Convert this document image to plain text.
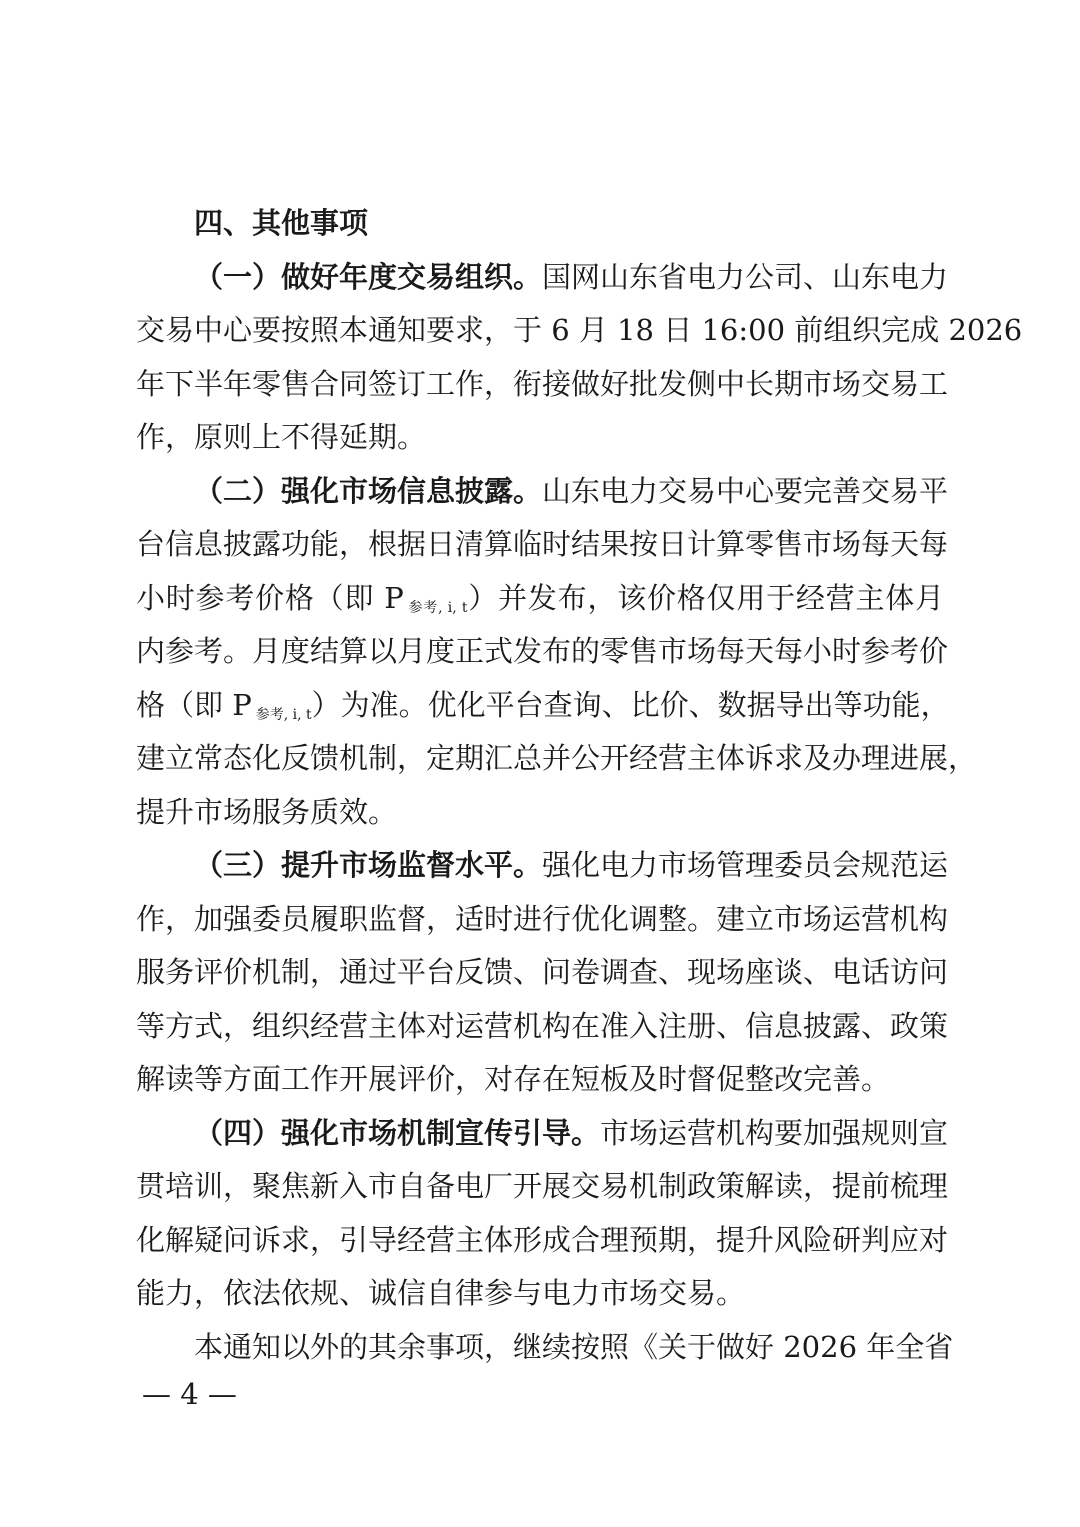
四、其他事项
（一）做好年度交易组织。国网山东省电力公司、山东电力
交易中心要按照本通知要求，于 6 月 18 日 16:00 前组织完成 2026
年下半年零售合同签订工作，衔接做好批发侧中长期市场交易工
作，原则上不得延期。
（二）强化市场信息披露。山东电力交易中心要完善交易平
台信息披露功能，根据日清算临时结果按日计算零售市场每天每
小时参考价格（即 P $_{参考, i, t}$）并发布，该价格仅用于经营主体月
内参考。月度结算以月度正式发布的零售市场每天每小时参考价
格（即 P $_{参考, i, t}$）为准。优化平台查询、比价、数据导出等功能，
建立常态化反馈机制，定期汇总并公开经营主体诉求及办理进展，
提升市场服务质效。
（三）提升市场监督水平。强化电力市场管理委员会规范运
作，加强委员履职监督，适时进行优化调整。建立市场运营机构
服务评价机制，通过平台反馈、问卷调查、现场座谈、电话访问
等方式，组织经营主体对运营机构在准入注册、信息披露、政策
解读等方面工作开展评价，对存在短板及时督促整改完善。
（四）强化市场机制宣传引导。市场运营机构要加强规则宣
贯培训，聚焦新入市自备电厂开展交易机制政策解读，提前梳理
化解疑问诉求，引导经营主体形成合理预期，提升风险研判应对
能力，依法依规、诚信自律参与电力市场交易。
本通知以外的其余事项，继续按照《关于做好 2026 年全省
— 4 —
